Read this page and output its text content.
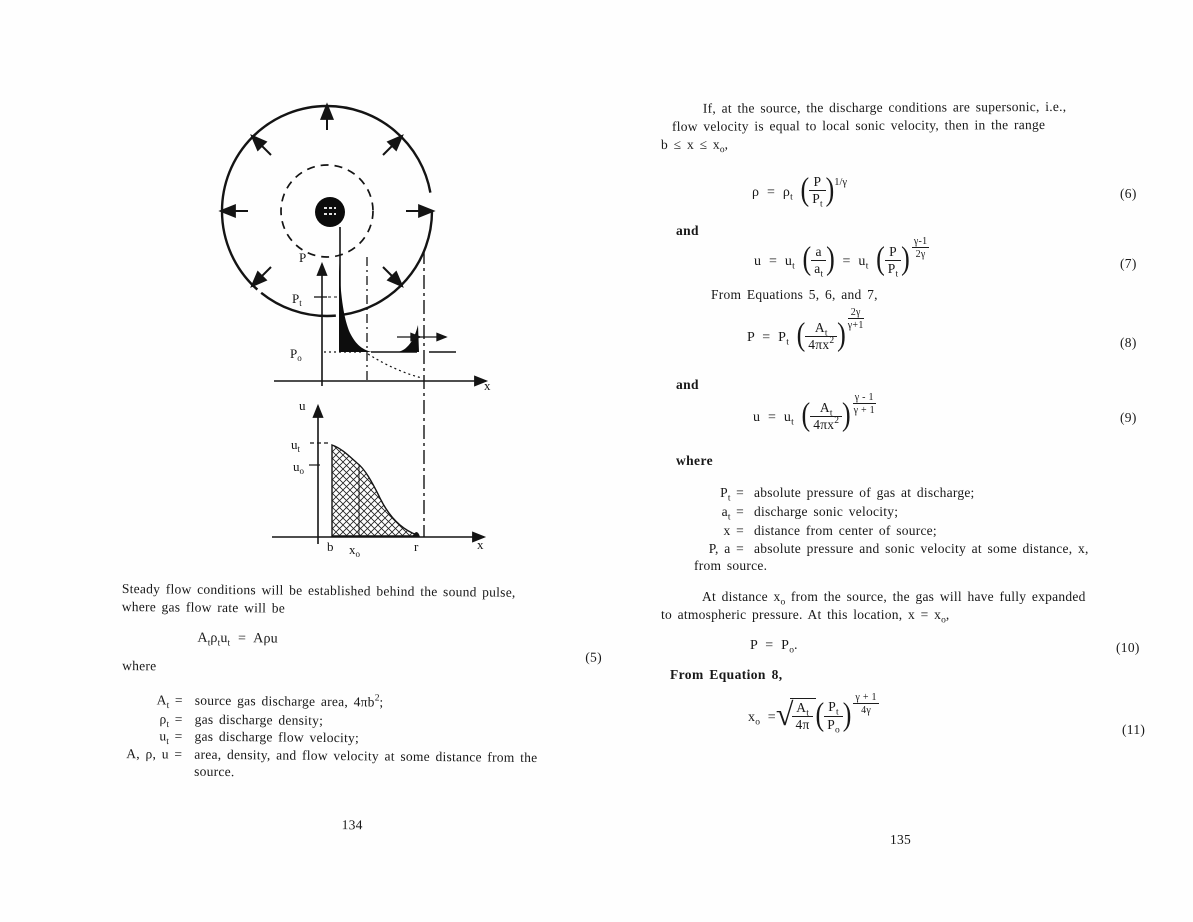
P
$P_t$
$P_o$
x
u
$u_t$
$u_o$
b $x_o$	r	x
Steady flow conditions will be established behind the sound pulse,
where gas flow rate will be
$A_t\rho_tu_t = A\rho u$
(5)
where
$A_t$ = source gas discharge area, $4\pi b^2$;
$\rho_t$ = gas discharge density;
$u_t$ = gas discharge flow velocity;
A, ρ, u = area, density, and flow velocity at some distance from the
source.
134
If, at the source, the discharge conditions are supersonic, i.e.,
flow velocity is equal to local sonic velocity, then in the range
$b \le x \le x_o$,
$\rho = \rho_t$ ( $\frac{P}{P_t} )^{1/\gamma}$
(6)
and
$u = u_t$ ( $\frac{a}{a_t}$ ) = $u_t$ ( $\frac{P}{P_t}$ ) $\frac{\gamma-1}{2\gamma}$
(7)
From Equations 5, 6, and 7,
$P = P_t$ ( $\frac{A_t}{4\pi x^2}$ ) $\frac{2\gamma}{\gamma+1}$
(8)
and
$u = u_t$ ( $\frac{A_t}{4\pi x^2}$ ) $\frac{\gamma - 1}{\gamma + 1}$
(9)
where
$P_t$ = absolute pressure of gas at discharge;
$a_t$ = discharge sonic velocity;
x = distance from center of source;
P, a = absolute pressure and sonic velocity at some distance, x,
from source.
At distance $x_o$ from the source, the gas will have fully expanded
to atmospheric pressure. At this location, $x = x_o$,
$P = P_o$.	(10)
From Equation 8,
$x_o$ =√ $\frac{A_t}{4\pi}$ ( $\frac{P_t}{P_o}$ ) $\frac{\gamma + 1}{4\gamma}$
(11)
135
